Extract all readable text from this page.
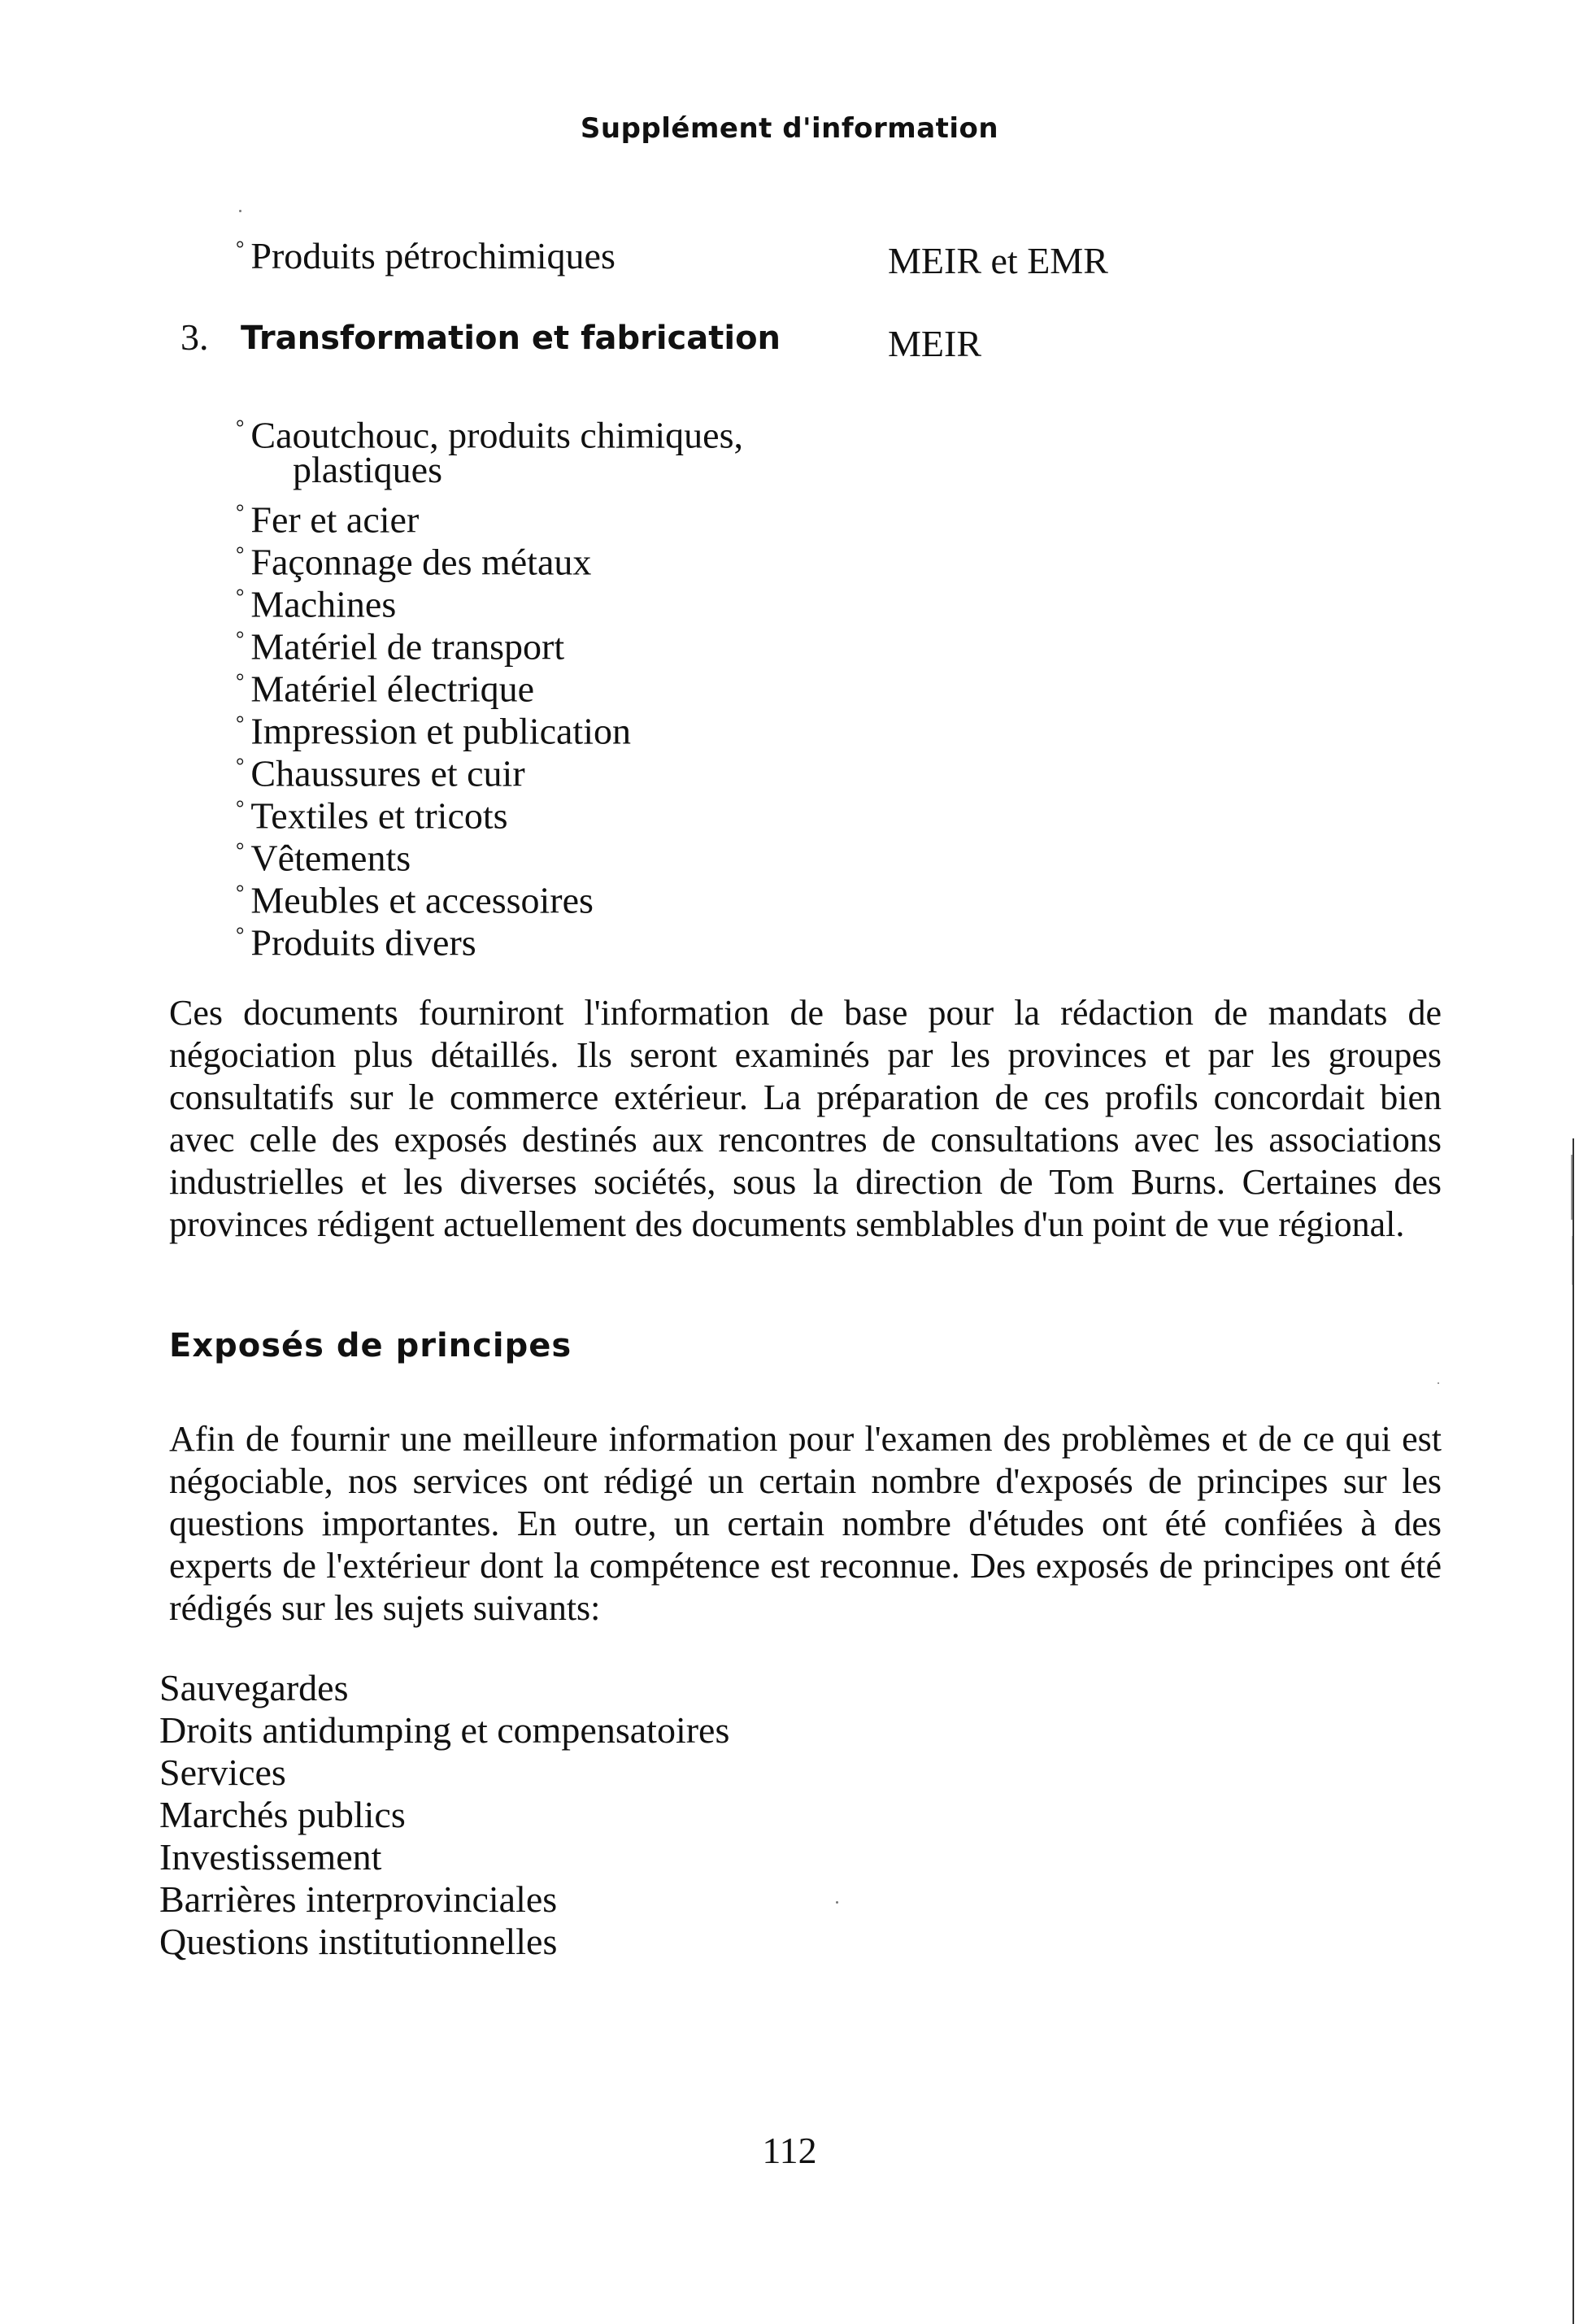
Supplément d'information
° Produits pétrochimiques	MEIR et EMR
3. Transformation et fabrication	MEIR
° Caoutchouc, produits chimiques,
plastiques
° Fer et acier
° Façonnage des métaux
° Machines
° Matériel de transport
° Matériel électrique
° Impression et publication
° Chaussures et cuir
° Textiles et tricots
° Vêtements
° Meubles et accessoires
° Produits divers
Ces documents fourniront l'information de base pour la rédaction de mandats de négociation plus détaillés. Ils seront examinés par les provinces et par les groupes consultatifs sur le commerce extérieur. La préparation de ces profils concordait bien avec celle des exposés destinés aux rencontres de consultations avec les associations industrielles et les diverses sociétés, sous la direction de Tom Burns. Certaines des provinces rédigent actuellement des documents semblables d'un point de vue régional.
Exposés de principes
Afin de fournir une meilleure information pour l'examen des problèmes et de ce qui est négociable, nos services ont rédigé un certain nombre d'exposés de principes sur les questions importantes. En outre, un certain nombre d'études ont été confiées à des experts de l'extérieur dont la compétence est reconnue. Des exposés de principes ont été rédigés sur les sujets suivants:
Sauvegardes
Droits antidumping et compensatoires
Services
Marchés publics
Investissement
Barrières interprovinciales
Questions institutionnelles
112
